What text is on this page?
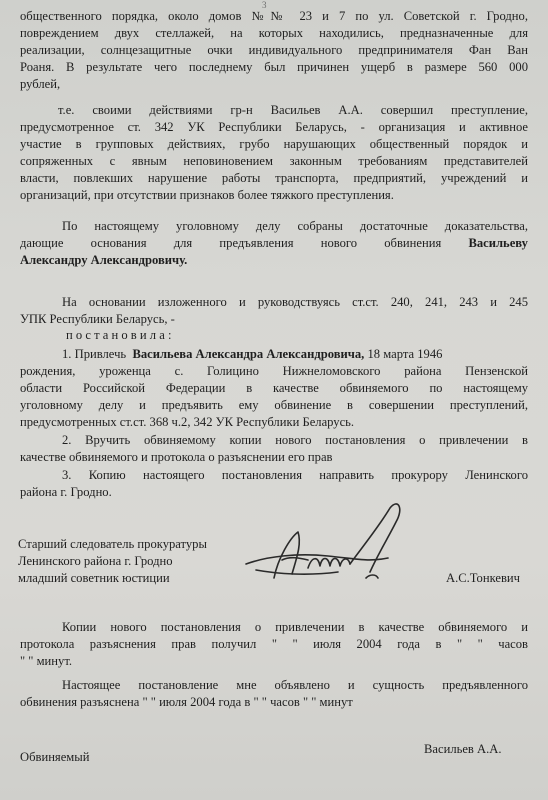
3
общественного порядка, около домов №№ 23 и 7 по ул. Советской г. Гродно,
повреждением двух стеллажей, на которых находились, предназначенные для
реализации, солнцезащитные очки индивидуального предпринимателя Фан Ван
Роаня. В результате чего последнему был причинен ущерб в размере 560 000
рублей,
т.е. своими действиями гр-н Васильев А.А. совершил преступление,
предусмотренное ст. 342 УК Республики Беларусь, - организация и активное
участие в групповых действиях, грубо нарушающих общественный порядок и
сопряженных с явным неповиновением законным требованиям представителей
власти, повлекших нарушение работы транспорта, предприятий, учреждений и
организаций, при отсутствии признаков более тяжкого преступления.
По настоящему уголовному делу собраны достаточные доказательства,
дающие основания для предъявления нового обвинения Васильеву
Александру Александровичу.
На основании изложенного и руководствуясь ст.ст. 240, 241, 243 и 245
УПК Республики Беларусь, -
п о с т а н о в и л а :
1. Привлечь Васильева Александра Александровича, 18 марта 1946
рождения, уроженца с. Голицино Нижнеломовского района Пензенской
области Российской Федерации в качестве обвиняемого по настоящему
уголовному делу и предъявить ему обвинение в совершении преступлений,
предусмотренных ст.ст. 368 ч.2, 342 УК Республики Беларусь.
2. Вручить обвиняемому копии нового постановления о привлечении в
качестве обвиняемого и протокола о разъяснении его прав
3. Копию настоящего постановления направить прокурору Ленинского
района г. Гродно.
Старший следователь прокуратуры
Ленинского района г. Гродно
младший советник юстиции	А.С.Тонкевич
Копии нового постановления о привлечении в качестве обвиняемого и
протокола разъяснения прав получил " " июля 2004 года в " " часов
" " минут.
Настоящее постановление мне объявлено и сущность предъявленного
обвинения разъяснена " " июля 2004 года в " " часов " " минут
Обвиняемый
Васильев А.А.
